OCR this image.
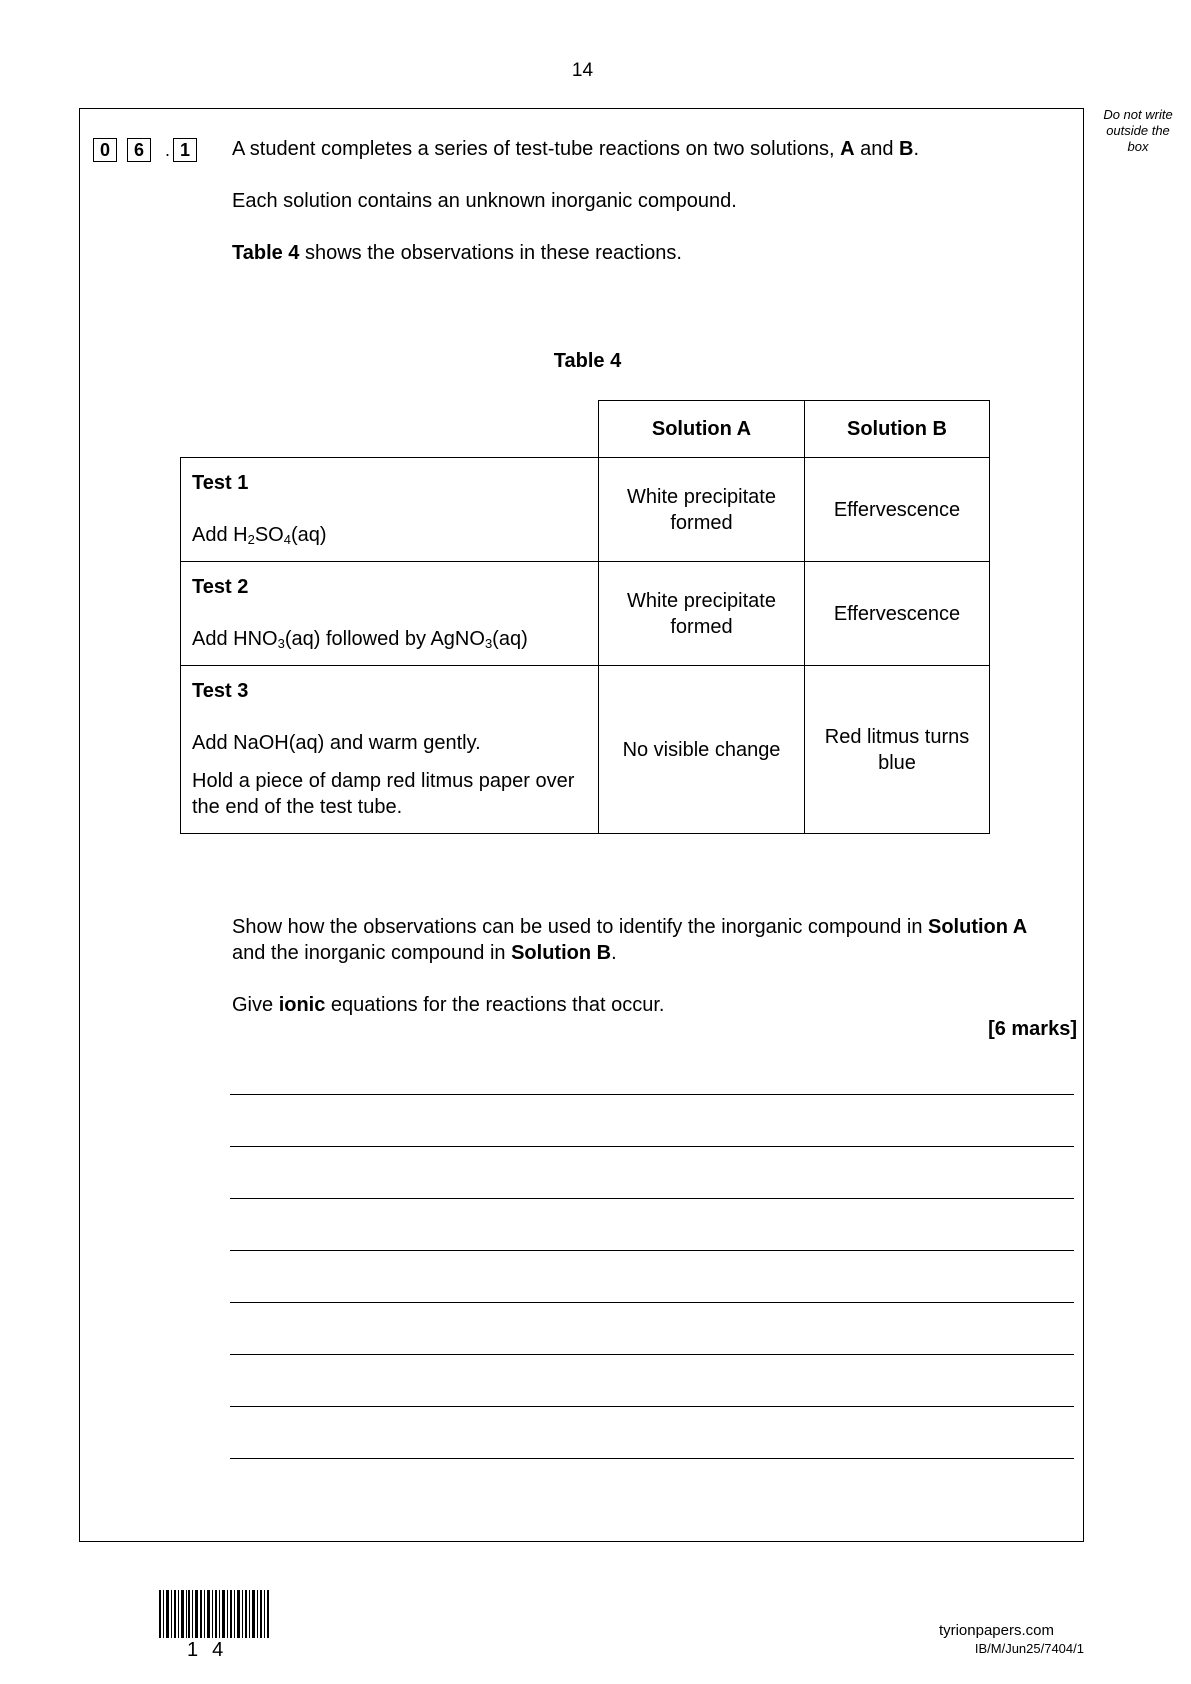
14
Do not write outside the box
0	6	. 1	A student completes a series of test-tube reactions on two solutions, A and B.
Each solution contains an unknown inorganic compound.
Table 4 shows the observations in these reactions.
Table 4
	Solution A	Solution B

Test 1
Add $H_2SO_4(aq)$	White precipitate formed	Effervescence

Test 2
Add $HNO_3(aq)$ followed by AgNO$_3$(aq)	White precipitate formed	Effervescence

Test 3
Add NaOH(aq) and warm gently.
Hold a piece of damp red litmus paper over the end of the test tube.	No visible change	Red litmus turns blue
Show how the observations can be used to identify the inorganic compound in Solution A and the inorganic compound in Solution B.
Give ionic equations for the reactions that occur.
[6 marks]
14
tyrionpapers.com
IB/M/Jun25/7404/1
